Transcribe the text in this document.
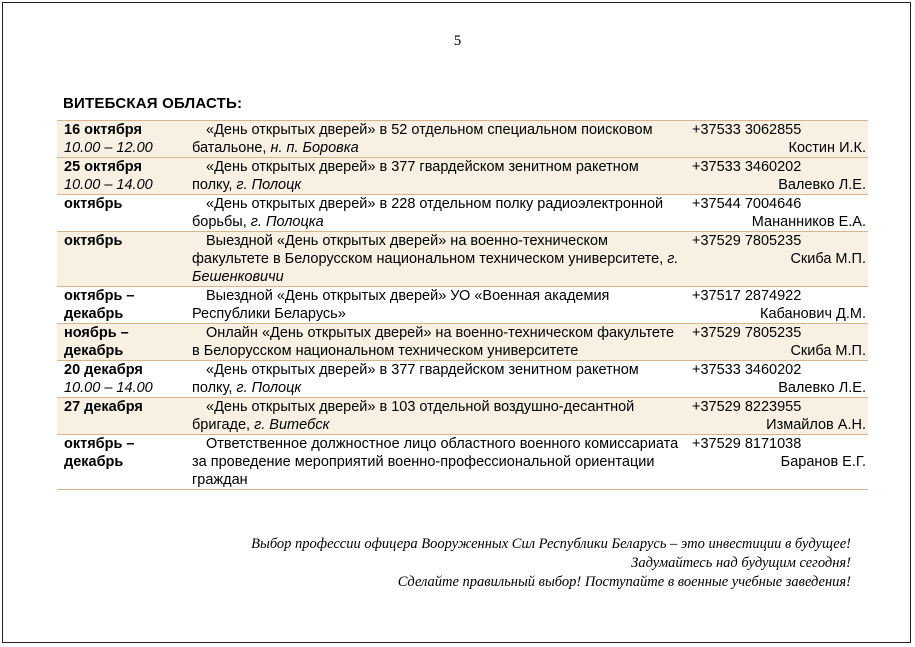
5
ВИТЕБСКАЯ ОБЛАСТЬ:
16 октября
10.00 – 12.00	«День открытых дверей» в 52 отдельном специальном поисковом батальоне, н. п. Боровка	+37533 3062855
Костин И.К.
25 октября
10.00 – 14.00	«День открытых дверей» в 377 гвардейском зенитном ракетном полку, г. Полоцк	+37533 3460202
Валевко Л.Е.
октябрь	«День открытых дверей» в 228 отдельном полку радиоэлектронной борьбы, г. Полоцка	+37544 7004646
Мананников Е.А.
октябрь	Выездной «День открытых дверей» на военно-техническом факультете в Белорусском национальном техническом университете, г. Бешенковичи	+37529 7805235
Скиба М.П.
октябрь – декабрь	Выездной «День открытых дверей» УО «Военная академия Республики Беларусь»	+37517 2874922
Кабанович Д.М.
ноябрь – декабрь	Онлайн «День открытых дверей» на военно-техническом факультете в Белорусском национальном техническом университете	+37529 7805235
Скиба М.П.
20 декабря
10.00 – 14.00	«День открытых дверей» в 377 гвардейском зенитном ракетном полку, г. Полоцк	+37533 3460202
Валевко Л.Е.
27 декабря	«День открытых дверей» в 103 отдельной воздушно-десантной бригаде, г. Витебск	+37529 8223955
Измайлов А.Н.
октябрь – декабрь	Ответственное должностное лицо областного военного комиссариата за проведение мероприятий военно-профессиональной ориентации граждан	+37529 8171038
Баранов Е.Г.
Выбор профессии офицера Вооруженных Сил Республики Беларусь – это инвестиции в будущее!
Задумайтесь над будущим сегодня!
Сделайте правильный выбор! Поступайте в военные учебные заведения!
